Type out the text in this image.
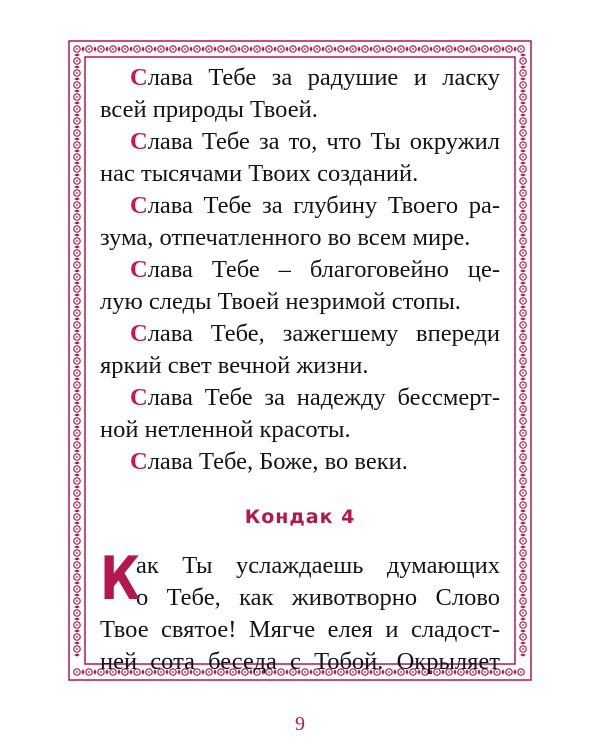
Слава Тебе за радушие и ласку
всей природы Твоей.
Слава Тебе за то, что Ты окружил
нас тысячами Твоих созданий.
Слава Тебе за глубину Твоего ра-
зума, отпечатленного во всем мире.
Слава Тебе – благоговейно це-
лую следы Твоей незримой стопы.
Слава Тебе, зажегшему впереди
яркий свет вечной жизни.
Слава Тебе за надежду бессмерт-
ной нетленной красоты.
Слава Тебе, Боже, во веки.
Кондак 4
К
ак Ты услаждаешь думающих
о Тебе, как животворно Слово
Твое святое! Мягче елея и сладост-
ней сота беседа с Тобой. Окрыляет
9
